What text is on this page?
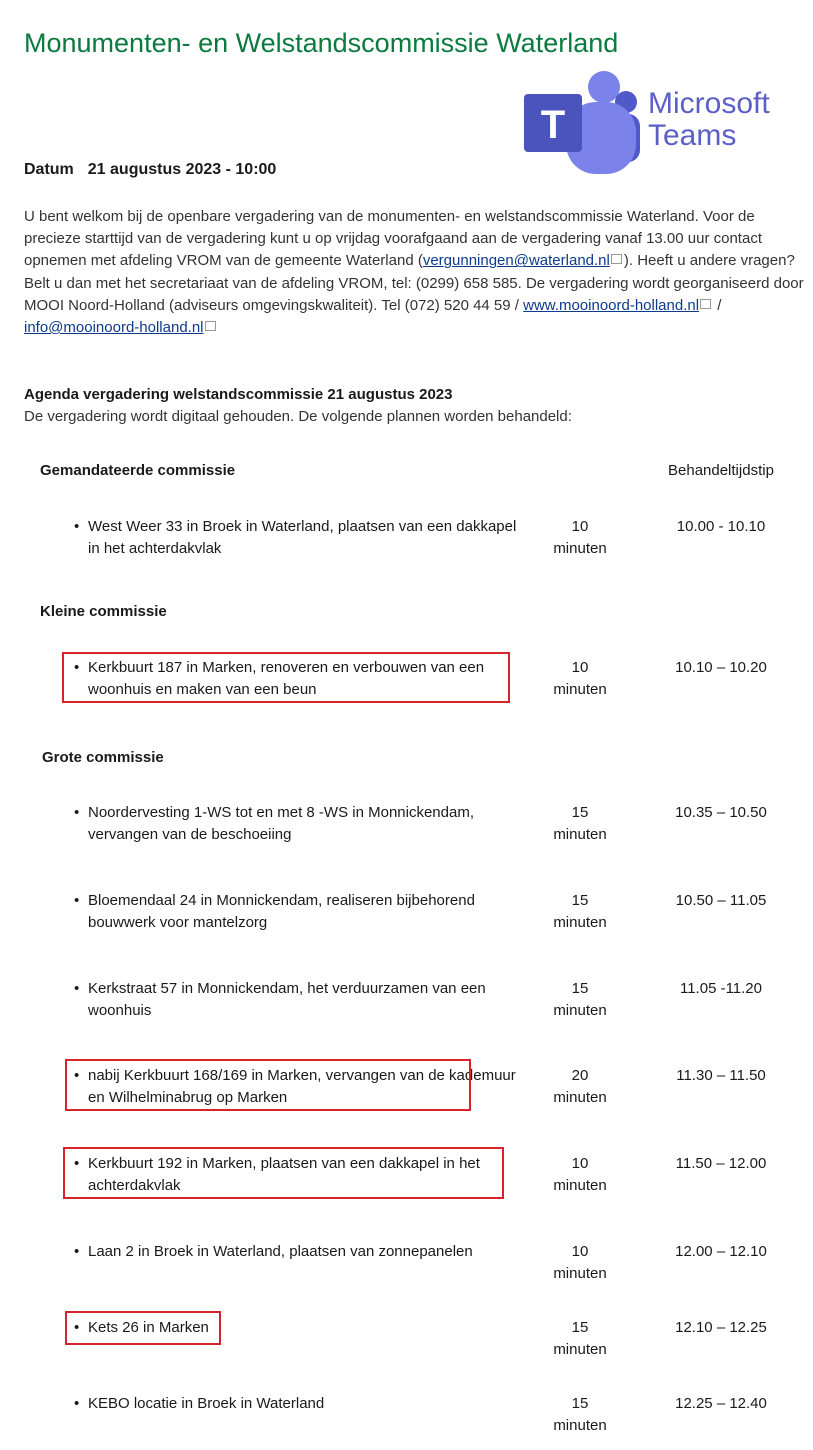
Monumenten- en Welstandscommissie Waterland
T	Microsoft
Teams
Datum 21 augustus 2023 - 10:00
U bent welkom bij de openbare vergadering van de monumenten- en welstandscommissie Waterland. Voor de precieze starttijd van de vergadering kunt u op vrijdag voorafgaand aan de vergadering vanaf 13.00 uur contact opnemen met afdeling VROM van de gemeente Waterland (vergunningen@waterland.nl ). Heeft u andere vragen? Belt u dan met het secretariaat van de afdeling VROM, tel: (0299) 658 585. De vergadering wordt georganiseerd door MOOI Noord-Holland (adviseurs omgevingskwaliteit). Tel (072) 520 44 59 / www.mooinoord-holland.nl / info@mooinoord-holland.nl
Agenda vergadering welstandscommissie 21 augustus 2023
De vergadering wordt digitaal gehouden. De volgende plannen worden behandeld:
Gemandateerde commissie	Behandeltijdstip
• West Weer 33 in Broek in Waterland, plaatsen van een dakkapel in het achterdakvlak
10
minuten
10.00 - 10.10
Kleine commissie
• Kerkbuurt 187 in Marken, renoveren en verbouwen van een woonhuis en maken van een beun
10
minuten
10.10 – 10.20
Grote commissie
• Noordervesting 1-WS tot en met 8 -WS in Monnickendam, vervangen van de beschoeiing
15
minuten
10.35 – 10.50
• Bloemendaal 24 in Monnickendam, realiseren bijbehorend bouwwerk voor mantelzorg
15
minuten
10.50 – 11.05
• Kerkstraat 57 in Monnickendam, het verduurzamen van een woonhuis
15
minuten
11.05 -11.20
• nabij Kerkbuurt 168/169 in Marken, vervangen van de kademuur en Wilhelminabrug op Marken
20
minuten
11.30 – 11.50
• Kerkbuurt 192 in Marken, plaatsen van een dakkapel in het achterdakvlak
10
minuten
11.50 – 12.00
• Laan 2 in Broek in Waterland, plaatsen van zonnepanelen	10
minuten
12.00 – 12.10
• Kets 26 in Marken	15
minuten
12.10 – 12.25
• KEBO locatie in Broek in Waterland	15
minuten
12.25 – 12.40
